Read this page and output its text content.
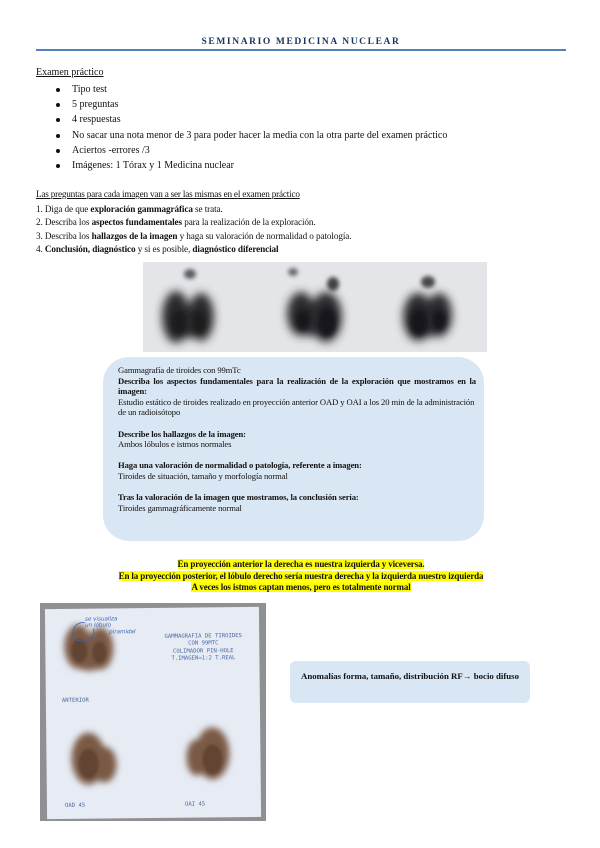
SEMINARIO MEDICINA NUCLEAR
Examen práctico
Tipo test
5 preguntas
4 respuestas
No sacar una nota menor de 3 para poder hacer la media con la otra parte del examen práctico
Aciertos -errores /3
Imágenes: 1 Tórax y 1 Medicina nuclear
Las preguntas para cada imagen van a ser las mismas en el examen práctico
1. Diga de que exploración gammagráfica se trata.
2. Describa los aspectos fundamentales para la realización de la exploración.
3. Describa los hallazgos de la imagen y haga su valoración de normalidad o patología.
4. Conclusión, diagnóstico y si es posible, diagnóstico diferencial

Gammagrafía de tiroides con 99mTc

Describa los aspectos fundamentales para la realización de la exploración que mostramos en la imagen:

Estudio estático de tiroides realizado en proyección anterior OAD y OAI a los 20 min de la administración de un radioisótopo

Describe los hallazgos de la imagen:

Ambos lóbulos e istmos normales

Haga una valoración de normalidad o patología, referente a imagen:

Tiroides de situación, tamaño y morfología normal

Tras la valoración de la imagen que mostramos, la conclusión sería:

Tiroides gammagráficamente normal

En proyección anterior la derecha es nuestra izquierda y viceversa.
En la proyección posterior, el lóbulo derecho sería nuestra derecha y la izquierda nuestro izquierda
A veces los istmos captan menos, pero es totalmente normal
se visualiza
un lóbulo
piramidal
GAMMAGRAFIA DE TIROIDES
CON 99MTC
COLIMADOR PIN-HOLE
T.IMAGEN=1:2 T.REAL
ANTERIOR
OAD 45	OAI 45
Anomalías forma, tamaño, distribución RF→ bocio difuso
